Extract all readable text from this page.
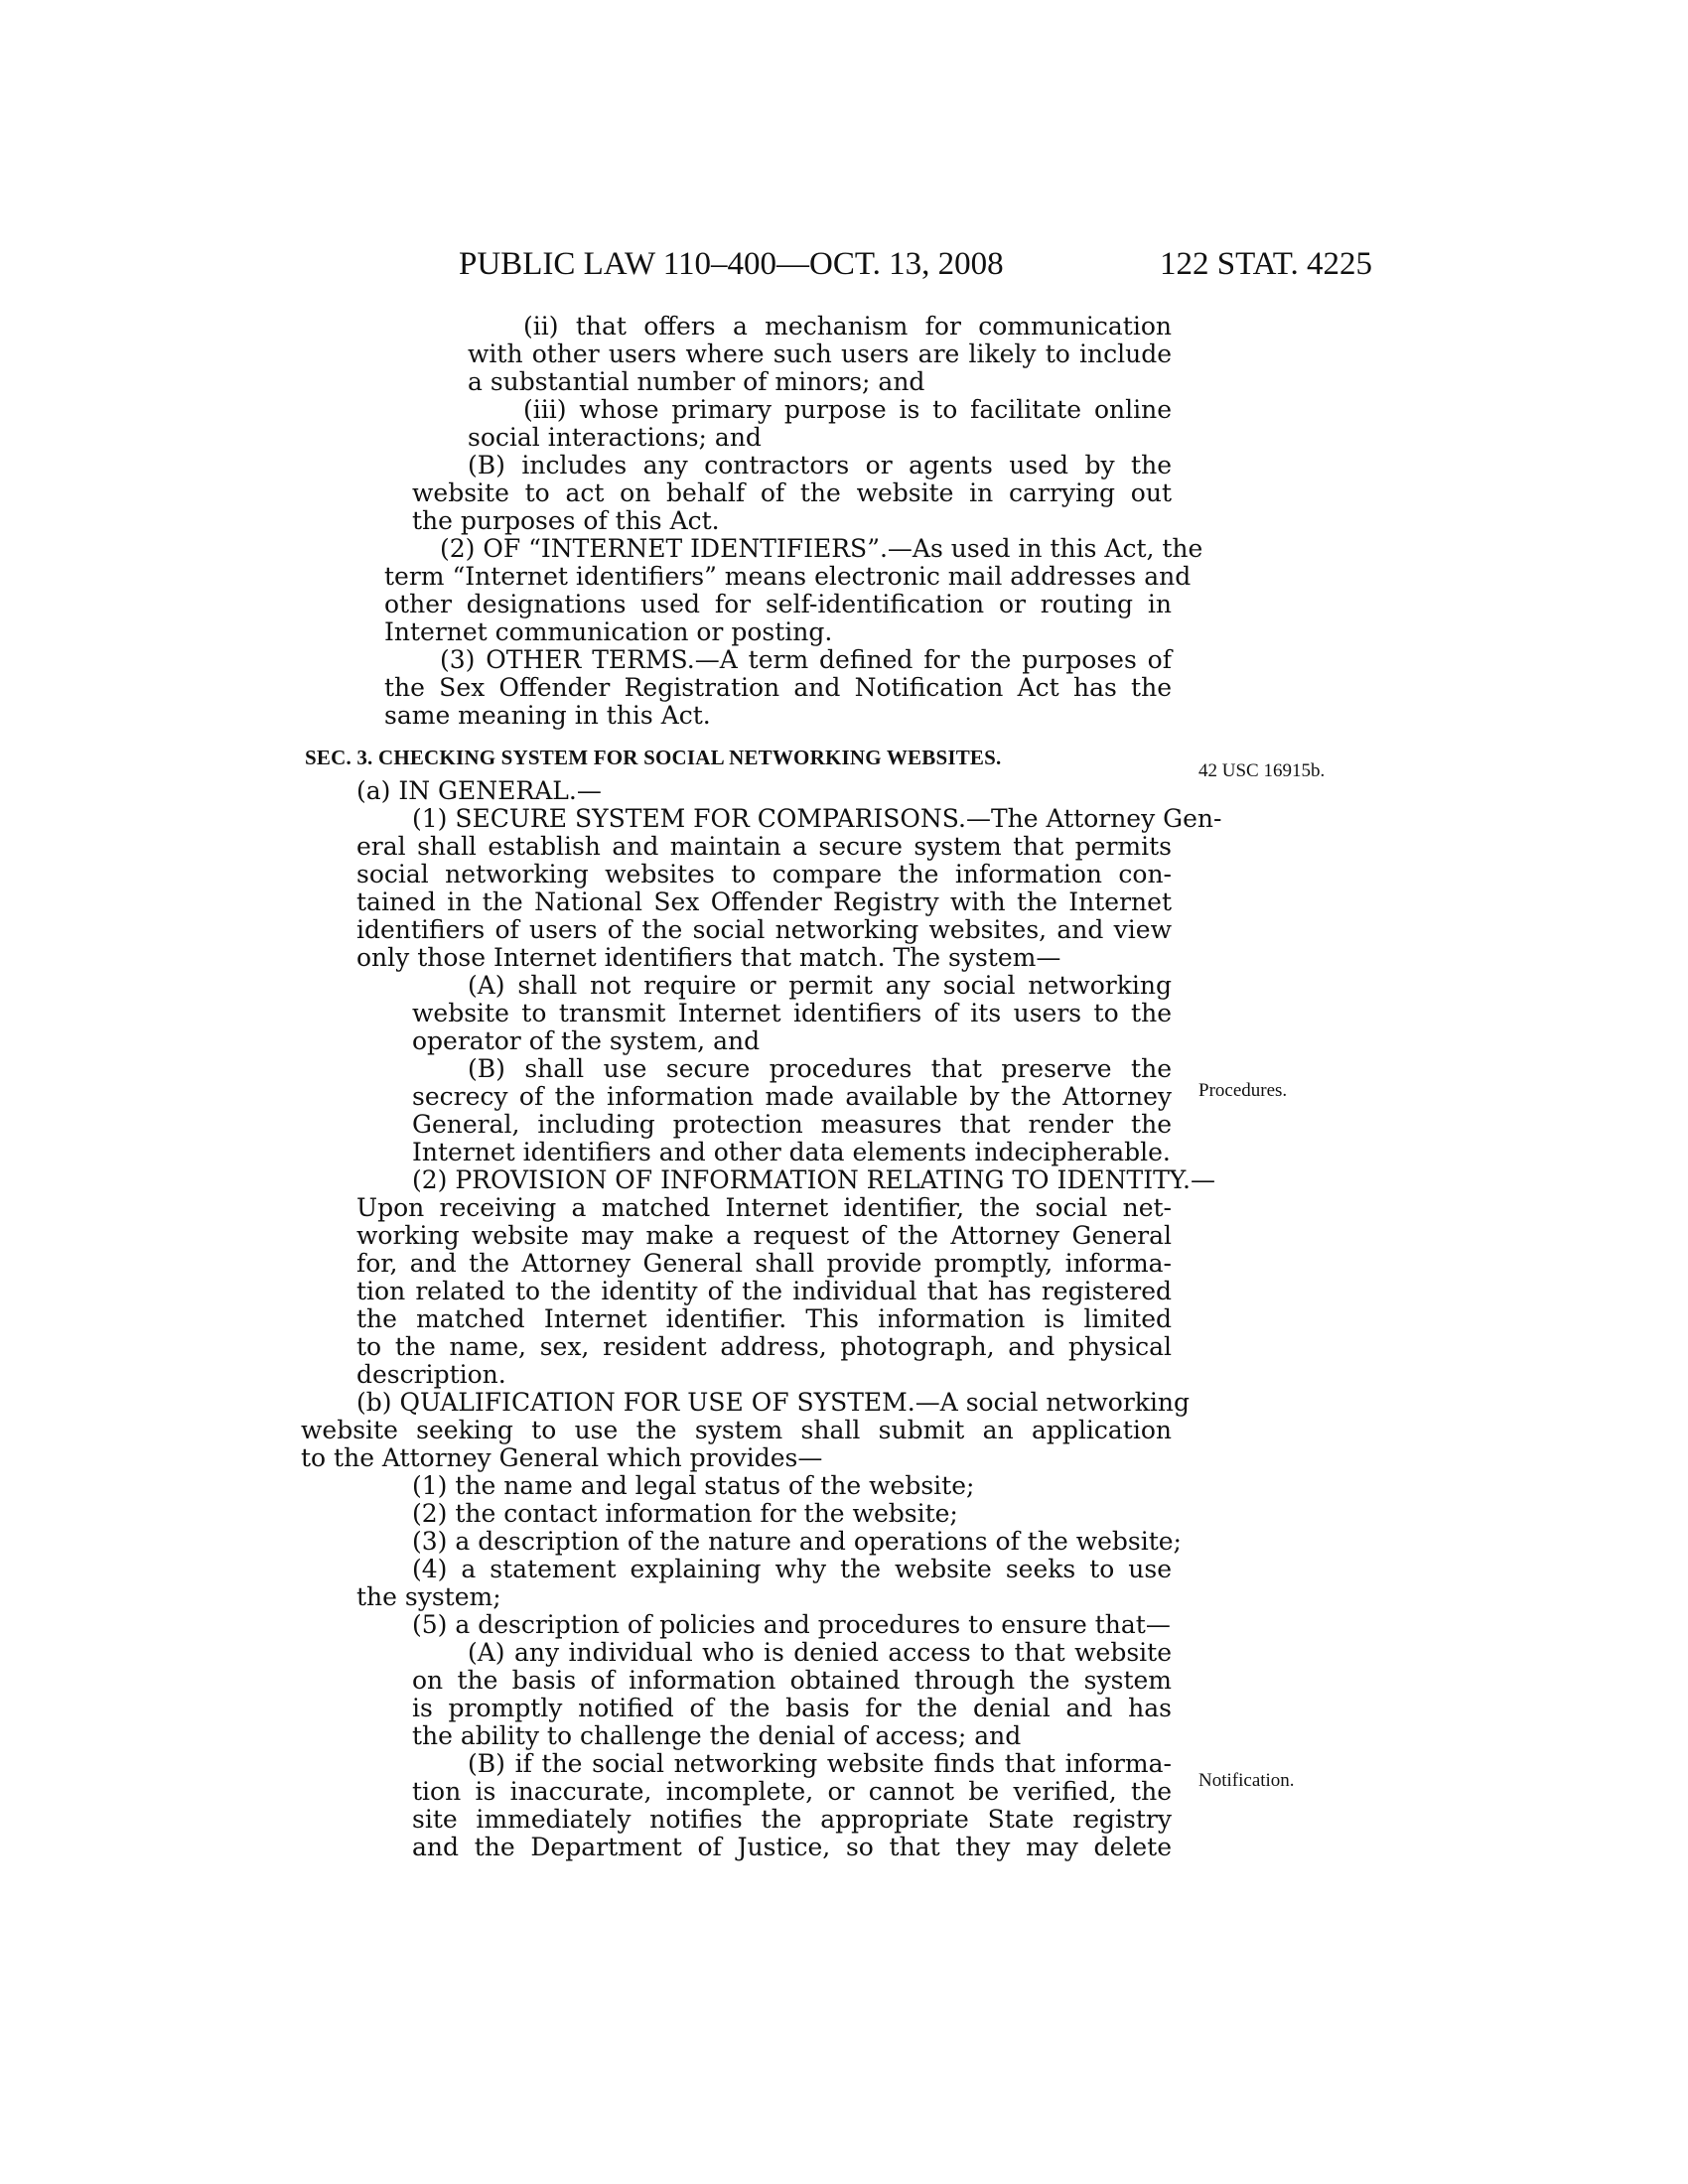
PUBLIC LAW 110–400—OCT. 13, 2008	122 STAT. 4225
(ii) that offers a mechanism for communication
with other users where such users are likely to include
a substantial number of minors; and
(iii) whose primary purpose is to facilitate online
social interactions; and
(B) includes any contractors or agents used by the
website to act on behalf of the website in carrying out
the purposes of this Act.
(2) OF “INTERNET IDENTIFIERS”.—As used in this Act, the
term “Internet identifiers” means electronic mail addresses and
other designations used for self-identification or routing in
Internet communication or posting.
(3) OTHER TERMS.—A term defined for the purposes of
the Sex Offender Registration and Notification Act has the
same meaning in this Act.
SEC. 3. CHECKING SYSTEM FOR SOCIAL NETWORKING WEBSITES.
(a) IN GENERAL.—
(1) SECURE SYSTEM FOR COMPARISONS.—The Attorney Gen-
eral shall establish and maintain a secure system that permits
social networking websites to compare the information con-
tained in the National Sex Offender Registry with the Internet
identifiers of users of the social networking websites, and view
only those Internet identifiers that match. The system—
(A) shall not require or permit any social networking
website to transmit Internet identifiers of its users to the
operator of the system, and
(B) shall use secure procedures that preserve the
secrecy of the information made available by the Attorney
General, including protection measures that render the
Internet identifiers and other data elements indecipherable.
(2) PROVISION OF INFORMATION RELATING TO IDENTITY.—
Upon receiving a matched Internet identifier, the social net-
working website may make a request of the Attorney General
for, and the Attorney General shall provide promptly, informa-
tion related to the identity of the individual that has registered
the matched Internet identifier. This information is limited
to the name, sex, resident address, photograph, and physical
description.
(b) QUALIFICATION FOR USE OF SYSTEM.—A social networking
website seeking to use the system shall submit an application
to the Attorney General which provides—
(1) the name and legal status of the website;
(2) the contact information for the website;
(3) a description of the nature and operations of the website;
(4) a statement explaining why the website seeks to use
the system;
(5) a description of policies and procedures to ensure that—
(A) any individual who is denied access to that website
on the basis of information obtained through the system
is promptly notified of the basis for the denial and has
the ability to challenge the denial of access; and
(B) if the social networking website finds that informa-
tion is inaccurate, incomplete, or cannot be verified, the
site immediately notifies the appropriate State registry
and the Department of Justice, so that they may delete
42 USC 16915b.
Procedures.
Notification.
